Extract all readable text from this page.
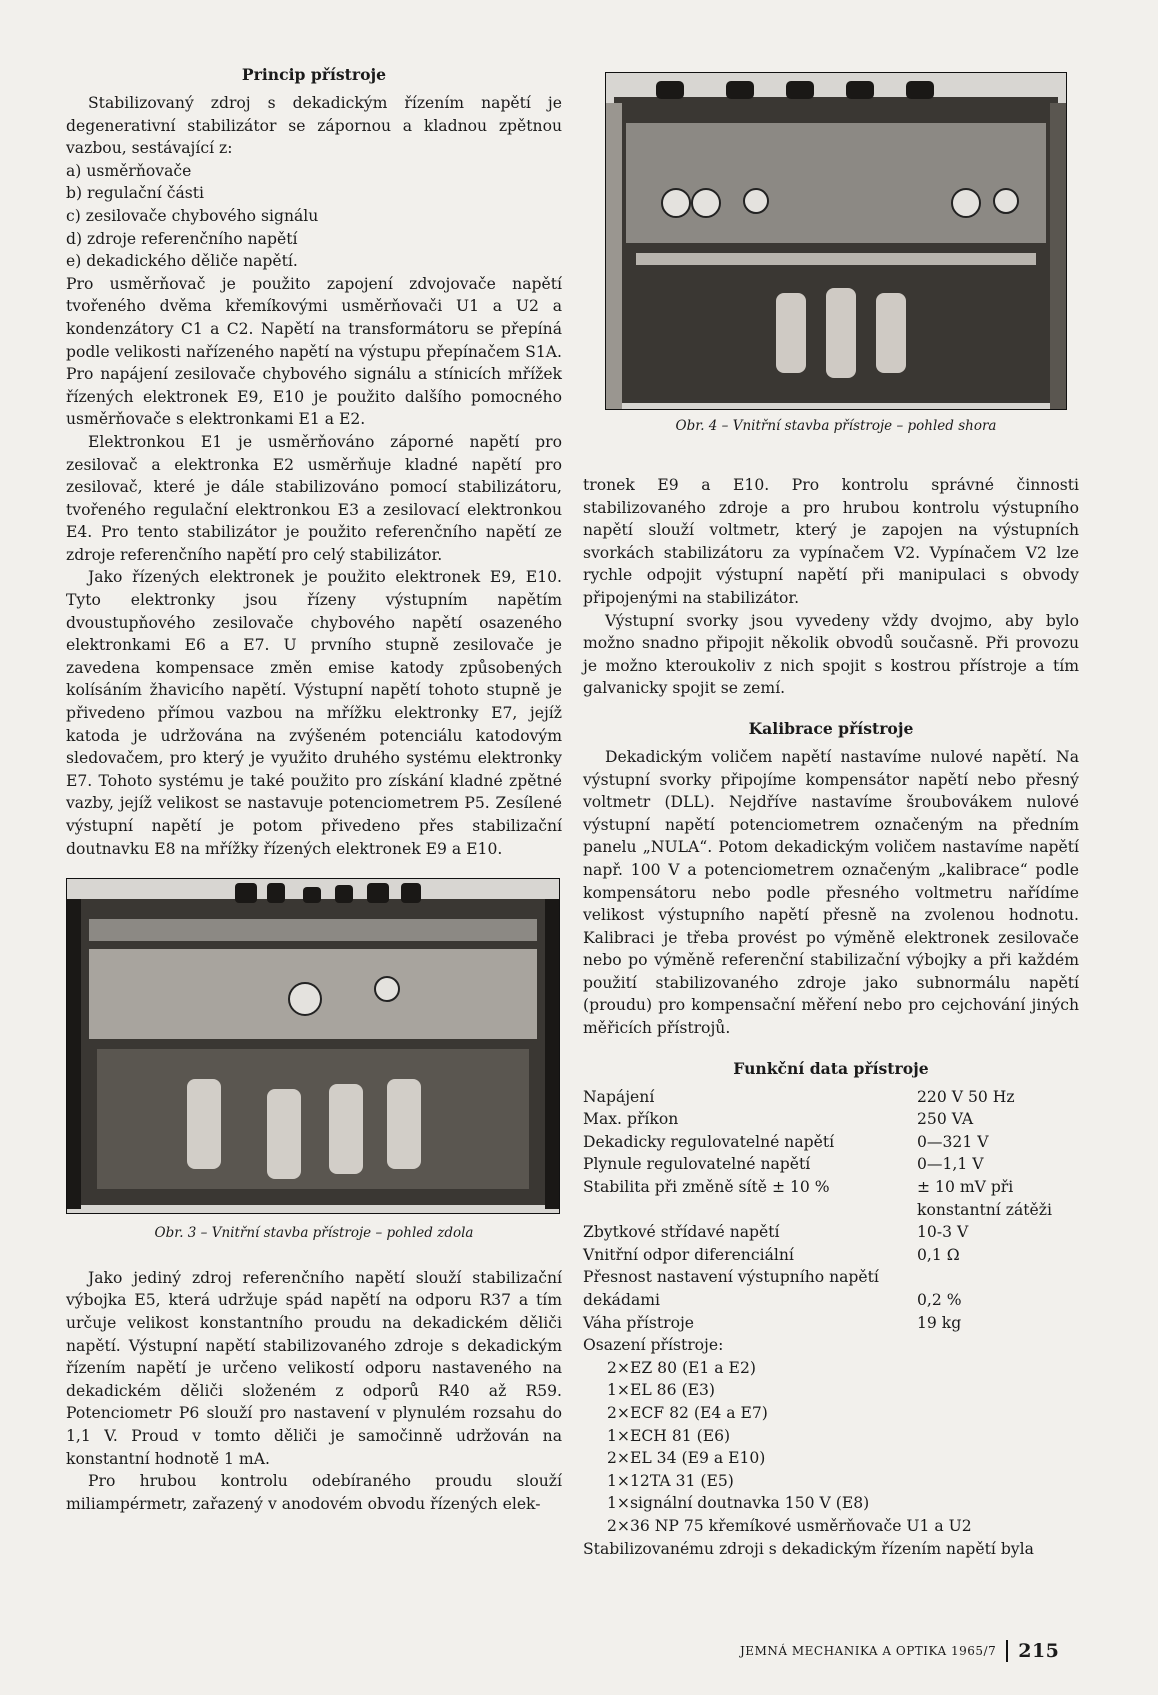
Princip přístroje

Stabilizovaný zdroj s dekadickým řízením napětí je degenerativní stabilizátor se zápornou a kladnou zpětnou vazbou, sestávající z:

a) usměrňovače
b) regulační části
c) zesilovače chybového signálu
d) zdroje referenčního napětí
e) dekadického děliče napětí.

Pro usměrňovač je použito zapojení zdvojovače napětí tvořeného dvěma křemíkovými usměrňovači U1 a U2 a kondenzátory C1 a C2. Napětí na transformátoru se přepíná podle velikosti nařízeného napětí na výstupu přepínačem S1A. Pro napájení zesilovače chybového signálu a stínicích mřížek řízených elektronek E9, E10 je použito dalšího pomocného usměrňovače s elektronkami E1 a E2.

Elektronkou E1 je usměrňováno záporné napětí pro zesilovač a elektronka E2 usměrňuje kladné napětí pro zesilovač, které je dále stabilizováno pomocí stabilizátoru, tvořeného regulační elektronkou E3 a zesilovací elektronkou E4. Pro tento stabilizátor je použito referenčního napětí ze zdroje referenčního napětí pro celý stabilizátor.

Jako řízených elektronek je použito elektronek E9, E10. Tyto elektronky jsou řízeny výstupním napětím dvoustupňového zesilovače chybového napětí osazeného elektronkami E6 a E7. U prvního stupně zesilovače je zavedena kompensace změn emise katody způsobených kolísáním žhavicího napětí. Výstupní napětí tohoto stupně je přivedeno přímou vazbou na mřížku elektronky E7, jejíž katoda je udržována na zvýšeném potenciálu katodovým sledovačem, pro který je využito druhého systému elektronky E7. Tohoto systému je také použito pro získání kladné zpětné vazby, jejíž velikost se nastavuje potenciometrem P5. Zesílené výstupní napětí je potom přivedeno přes stabilizační doutnavku E8 na mřížky řízených elektronek E9 a E10.

Obr. 3 – Vnitřní stavba přístroje – pohled zdola

Jako jediný zdroj referenčního napětí slouží stabilizační výbojka E5, která udržuje spád napětí na odporu R37 a tím určuje velikost konstantního proudu na dekadickém děliči napětí. Výstupní napětí stabilizovaného zdroje s dekadickým řízením napětí je určeno velikostí odporu nastaveného na dekadickém děliči složeném z odporů R40 až R59. Potenciometr P6 slouží pro nastavení v plynulém rozsahu do 1,1 V. Proud v tomto děliči je samočinně udržován na konstantní hodnotě 1 mA.

Pro hrubou kontrolu odebíraného proudu slouží miliampérmetr, zařazený v anodovém obvodu řízených elek-

Obr. 4 – Vnitřní stavba přístroje – pohled shora

tronek E9 a E10. Pro kontrolu správné činnosti stabilizovaného zdroje a pro hrubou kontrolu výstupního napětí slouží voltmetr, který je zapojen na výstupních svorkách stabilizátoru za vypínačem V2. Vypínačem V2 lze rychle odpojit výstupní napětí při manipulaci s obvody připojenými na stabilizátor.

Výstupní svorky jsou vyvedeny vždy dvojmo, aby bylo možno snadno připojit několik obvodů současně. Při provozu je možno kteroukoliv z nich spojit s kostrou přístroje a tím galvanicky spojit se zemí.

Kalibrace přístroje

Dekadickým voličem napětí nastavíme nulové napětí. Na výstupní svorky připojíme kompensátor napětí nebo přesný voltmetr (DLL). Nejdříve nastavíme šroubovákem nulové výstupní napětí potenciometrem označeným na předním panelu „NULA“. Potom dekadickým voličem nastavíme napětí např. 100 V a potenciometrem označeným „kalibrace“ podle kompensátoru nebo podle přesného voltmetru nařídíme velikost výstupního napětí přesně na zvolenou hodnotu. Kalibraci je třeba provést po výměně elektronek zesilovače nebo po výměně referenční stabilizační výbojky a při každém použití stabilizovaného zdroje jako subnormálu napětí (proudu) pro kompensační měření nebo pro cejchování jiných měřicích přístrojů.

Funkční data přístroje
Napájení	220 V 50 Hz
Max. příkon	250 VA
Dekadicky regulovatelné napětí	0—321 V
Plynule regulovatelné napětí	0—1,1 V
Stabilita při změně sítě ± 10 %	± 10 mV při konstantní zátěži
Zbytkové střídavé napětí	10-3 V
Vnitřní odpor diferenciální	0,1 Ω
Přesnost nastavení výstupního napětí dekádami	0,2 %
Váha přístroje	19 kg
Osazení přístroje:
2×EZ 80 (E1 a E2)
1×EL 86 (E3)
2×ECF 82 (E4 a E7)
1×ECH 81 (E6)
2×EL 34 (E9 a E10)
1×12TA 31 (E5)
1×signální doutnavka 150 V (E8)
2×36 NP 75 křemíkové usměrňovače U1 a U2

Stabilizovanému zdroji s dekadickým řízením napětí byla

JEMNÁ MECHANIKA A OPTIKA 1965/7	215
